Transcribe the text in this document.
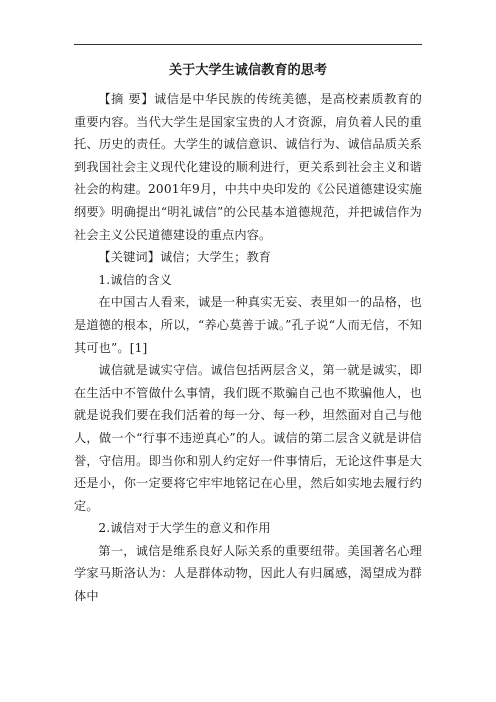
关于大学生诚信教育的思考

【摘 要】诚信是中华民族的传统美德，是高校素质教育的重要内容。当代大学生是国家宝贵的人才资源，肩负着人民的重托、历史的责任。大学生的诚信意识、诚信行为、诚信品质关系到我国社会主义现代化建设的顺利进行，更关系到社会主义和谐社会的构建。2001年9月，中共中央印发的《公民道德建设实施纲要》明确提出“明礼诚信”的公民基本道德规范，并把诚信作为社会主义公民道德建设的重点内容。

【关键词】诚信；大学生；教育

1.诚信的含义

在中国古人看来，诚是一种真实无妄、表里如一的品格，也是道德的根本，所以，“养心莫善于诚。”孔子说“人而无信，不知其可也”。[1]

诚信就是诚实守信。诚信包括两层含义，第一就是诚实，即在生活中不管做什么事情，我们既不欺骗自己也不欺骗他人，也就是说我们要在我们活着的每一分、每一秒，坦然面对自己与他人，做一个“行事不违逆真心”的人。诚信的第二层含义就是讲信誉，守信用。即当你和别人约定好一件事情后，无论这件事是大还是小，你一定要将它牢牢地铭记在心里，然后如实地去履行约定。

2.诚信对于大学生的意义和作用

第一，诚信是维系良好人际关系的重要纽带。美国著名心理学家马斯洛认为：人是群体动物，因此人有归属感，渴望成为群体中
